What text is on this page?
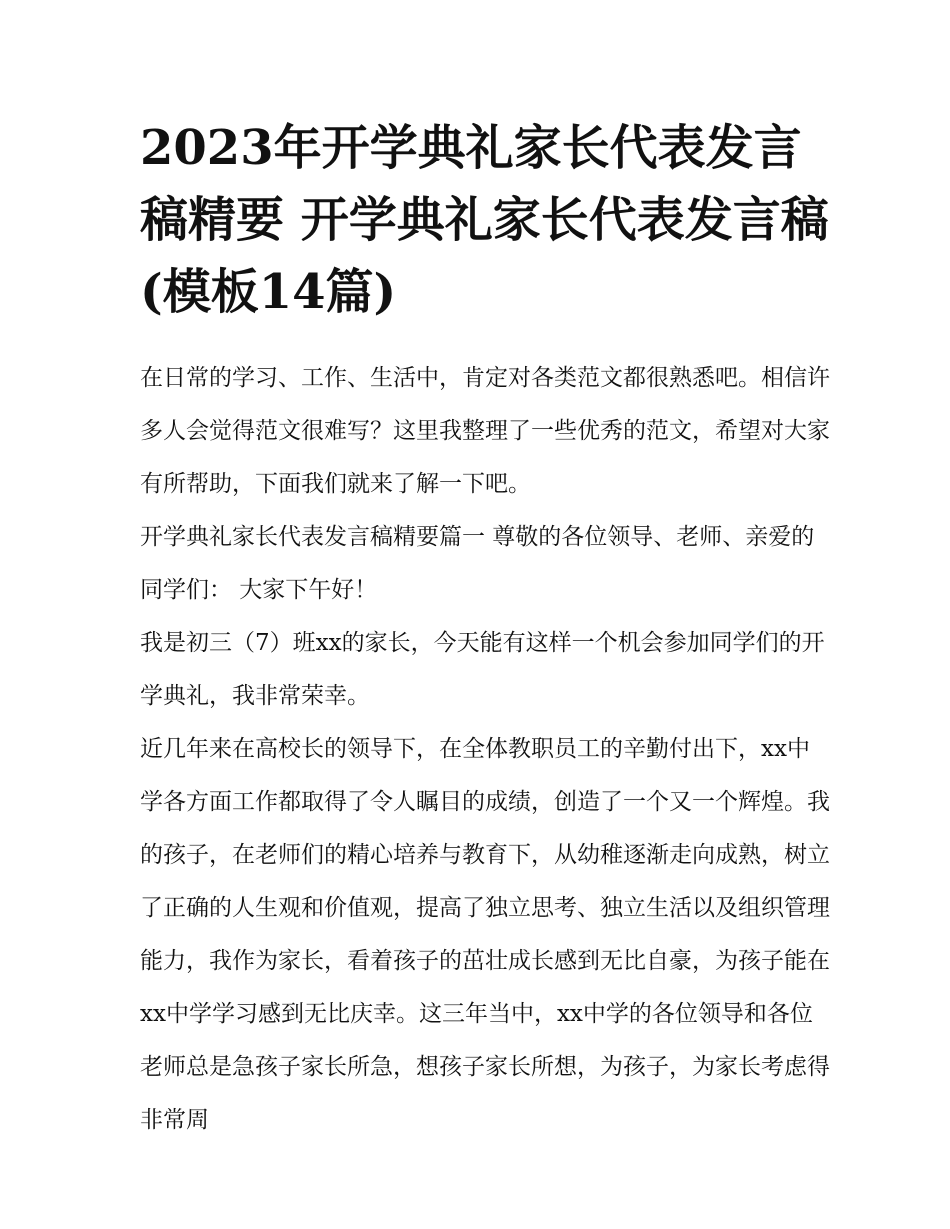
2023年开学典礼家长代表发言稿精要 开学典礼家长代表发言稿(模板14篇)

在日常的学习、工作、生活中，肯定对各类范文都很熟悉吧。相信许多人会觉得范文很难写？这里我整理了一些优秀的范文，希望对大家有所帮助，下面我们就来了解一下吧。

开学典礼家长代表发言稿精要篇一 尊敬的各位领导、老师、亲爱的同学们： 大家下午好！

我是初三（7）班xx的家长，今天能有这样一个机会参加同学们的开学典礼，我非常荣幸。

近几年来在高校长的领导下，在全体教职员工的辛勤付出下，xx中学各方面工作都取得了令人瞩目的成绩，创造了一个又一个辉煌。我的孩子，在老师们的精心培养与教育下，从幼稚逐渐走向成熟，树立了正确的人生观和价值观，提高了独立思考、独立生活以及组织管理能力，我作为家长，看着孩子的茁壮成长感到无比自豪，为孩子能在xx中学学习感到无比庆幸。这三年当中，xx中学的各位领导和各位老师总是急孩子家长所急，想孩子家长所想，为孩子，为家长考虑得非常周
